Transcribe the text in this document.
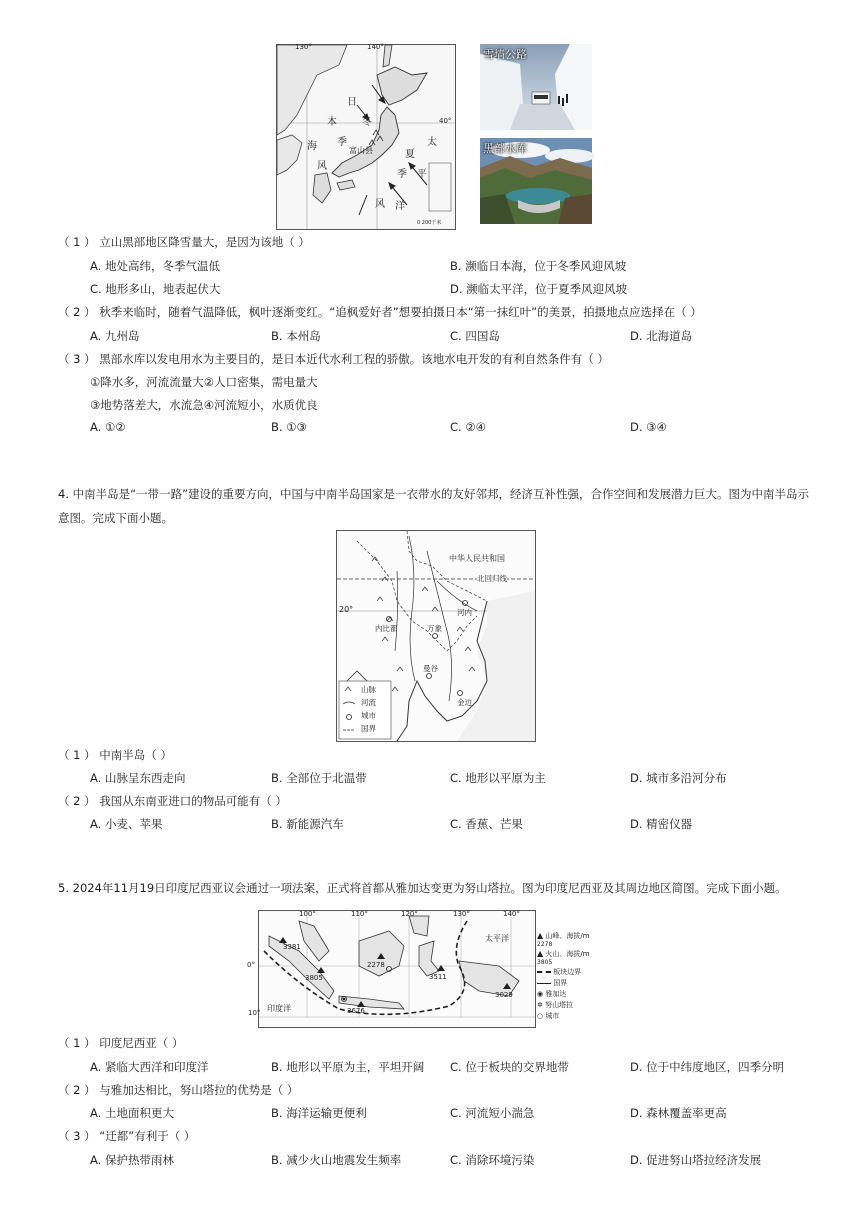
130°	140°
40°
日
本	冬
海 季
风
富山县
太
夏
季 平
洋
风
0 200千米
雪墙公路
黑部水库
（ 1 ） 立山黑部地区降雪量大，是因为该地（ ）
A. 地处高纬，冬季气温低	B. 濒临日本海，位于冬季风迎风坡
C. 地形多山，地表起伏大	D. 濒临太平洋，位于夏季风迎风坡
（ 2 ） 秋季来临时，随着气温降低，枫叶逐渐变红。“追枫爱好者”想要拍摄日本“第一抹红叶”的美景，拍摄地点应选择在（ ）
A. 九州岛	B. 本州岛	C. 四国岛	D. 北海道岛
（ 3 ） 黑部水库以发电用水为主要目的，是日本近代水利工程的骄傲。该地水电开发的有利自然条件有（ ）
①降水多，河流流量大②人口密集，需电量大
③地势落差大，水流急④河流短小，水质优良
A. ①②	B. ①③	C. ②④	D. ③④
4. 中南半岛是“一带一路”建设的重要方向，中国与中南半岛国家是一衣带水的友好邻邦，经济互补性强，合作空间和发展潜力巨大。图为中南半岛示意图。完成下面小题。
中华人民共和国
北回归线
20°	河内
内比都	万象
曼谷
金边
山脉
河流
城市
国界
（ 1 ） 中南半岛（ ）
A. 山脉呈东西走向	B. 全部位于北温带	C. 地形以平原为主	D. 城市多沿河分布
（ 2 ） 我国从东南亚进口的物品可能有（ ）
A. 小麦、苹果	B. 新能源汽车	C. 香蕉、芒果	D. 精密仪器
5. 2024年11月19日印度尼西亚议会通过一项法案，正式将首都从雅加达变更为努山塔拉。图为印度尼西亚及其周边地区简图。完成下面小题。
100°	110°	120°	130°	140°
0°
太平洋
印度洋
3381
3805
2278
3511
3676
3029
10°
▲ 山峰、海拔/m
2278
▲ 火山、海拔/m
3805
板块边界
国界
◉ 雅加达
✲ 努山塔拉
○ 城市
（ 1 ） 印度尼西亚（ ）
A. 紧临大西洋和印度洋	B. 地形以平原为主，平坦开阔 C. 位于板块的交界地带	D. 位于中纬度地区，四季分明
（ 2 ） 与雅加达相比，努山塔拉的优势是（ ）
A. 土地面积更大	B. 海洋运输更便利	C. 河流短小湍急	D. 森林覆盖率更高
（ 3 ） “迁都”有利于（ ）
A. 保护热带雨林	B. 减少火山地震发生频率	C. 消除环境污染	D. 促进努山塔拉经济发展
